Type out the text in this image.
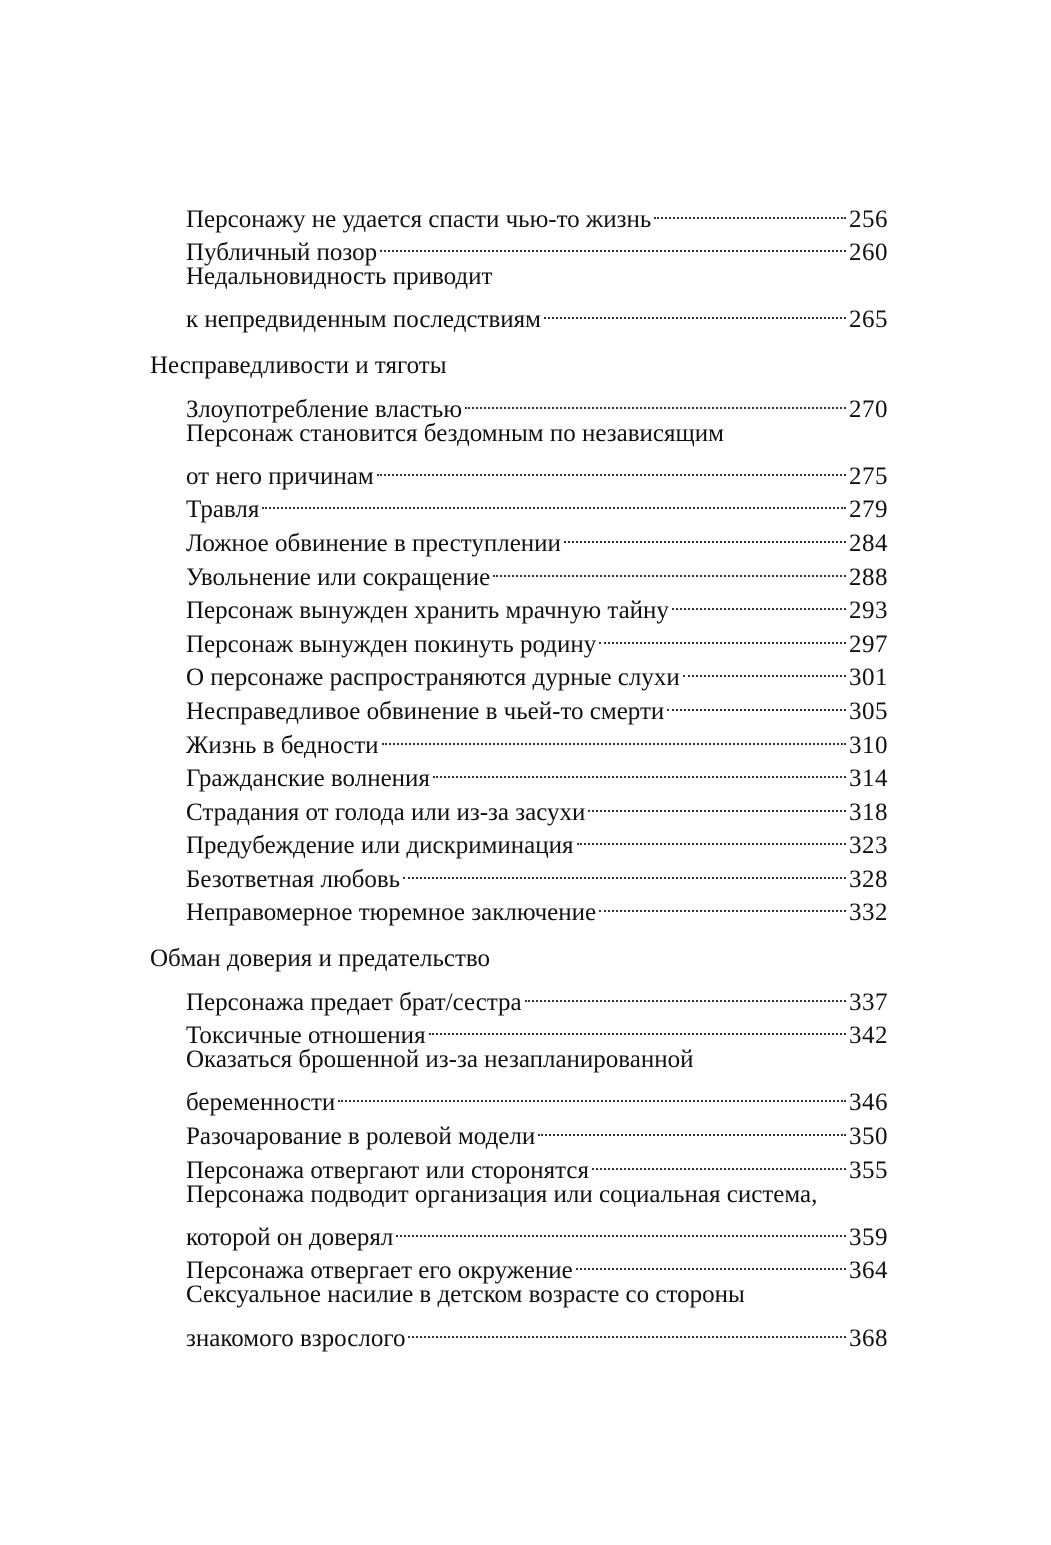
Персонажу не удается спасти чью-то жизнь	256
Публичный позор	260
Недальновидность приводит
к непредвиденным последствиям	265
Несправедливости и тяготы
Злоупотребление властью	270
Персонаж становится бездомным по независящим
от него причинам	275
Травля	279
Ложное обвинение в преступлении	284
Увольнение или сокращение	288
Персонаж вынужден хранить мрачную тайну	293
Персонаж вынужден покинуть родину	297
О персонаже распространяются дурные слухи	301
Несправедливое обвинение в чьей-то смерти	305
Жизнь в бедности	310
Гражданские волнения	314
Страдания от голода или из-за засухи	318
Предубеждение или дискриминация	323
Безответная любовь	328
Неправомерное тюремное заключение	332
Обман доверия и предательство
Персонажа предает брат/сестра	337
Токсичные отношения	342
Оказаться брошенной из-за незапланированной
беременности	346
Разочарование в ролевой модели	350
Персонажа отвергают или сторонятся	355
Персонажа подводит организация или социальная система,
которой он доверял	359
Персонажа отвергает его окружение	364
Сексуальное насилие в детском возрасте со стороны
знакомого взрослого	368
